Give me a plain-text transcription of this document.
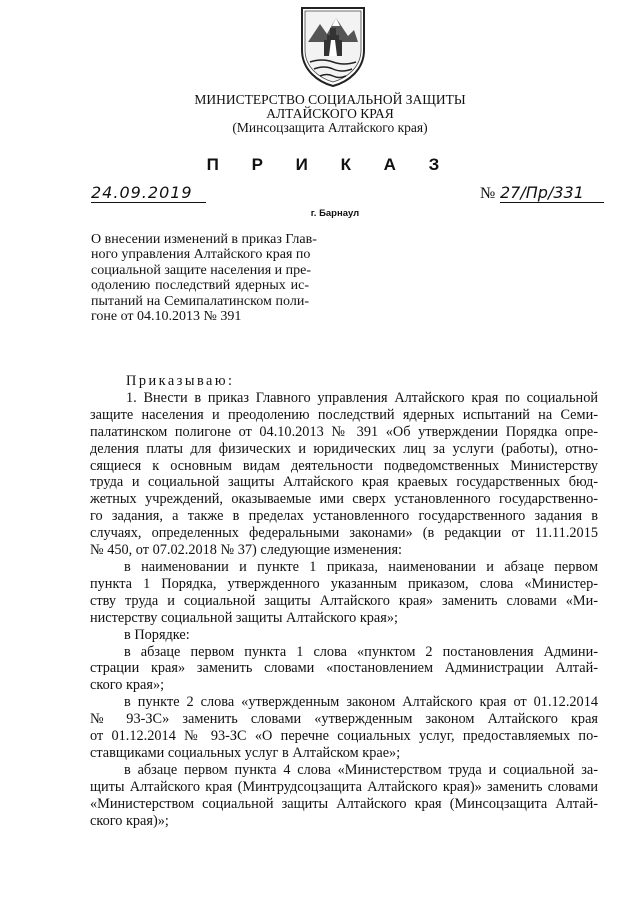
МИНИСТЕРСТВО СОЦИАЛЬНОЙ ЗАЩИТЫ
АЛТАЙСКОГО КРАЯ
(Минсоцзащита Алтайского края)
П Р И К А З
24.09.2019	№ 27/Пр/331
г. Барнаул
О внесении изменений в приказ Глав-
ного управления Алтайского края по
социальной защите населения и пре-
одолению последствий ядерных ис-
пытаний на Семипалатинском поли-
гоне от 04.10.2013 № 391
Приказываю:
1. Внести в приказ Главного управления Алтайского края по социальной
защите населения и преодолению последствий ядерных испытаний на Семи-
палатинском полигоне от 04.10.2013 № 391 «Об утверждении Порядка опре-
деления платы для физических и юридических лиц за услуги (работы), отно-
сящиеся к основным видам деятельности подведомственных Министерству
труда и социальной защиты Алтайского края краевых государственных бюд-
жетных учреждений, оказываемые ими сверх установленного государственно-
го задания, а также в пределах установленного государственного задания в
случаях, определенных федеральными законами» (в редакции от 11.11.2015
№ 450, от 07.02.2018 № 37) следующие изменения:
в наименовании и пункте 1 приказа, наименовании и абзаце первом
пункта 1 Порядка, утвержденного указанным приказом, слова «Министер-
ству труда и социальной защиты Алтайского края» заменить словами «Ми-
нистерству социальной защиты Алтайского края»;
в Порядке:
в абзаце первом пункта 1 слова «пунктом 2 постановления Админи-
страции края» заменить словами «постановлением Администрации Алтай-
ского края»;
в пункте 2 слова «утвержденным законом Алтайского края от 01.12.2014
№ 93-ЗС» заменить словами «утвержденным законом Алтайского края
от 01.12.2014 № 93-ЗС «О перечне социальных услуг, предоставляемых по-
ставщиками социальных услуг в Алтайском крае»;
в абзаце первом пункта 4 слова «Министерством труда и социальной за-
щиты Алтайского края (Минтрудсоцзащита Алтайского края)» заменить словами
«Министерством социальной защиты Алтайского края (Минсоцзащита Алтай-
ского края)»;
